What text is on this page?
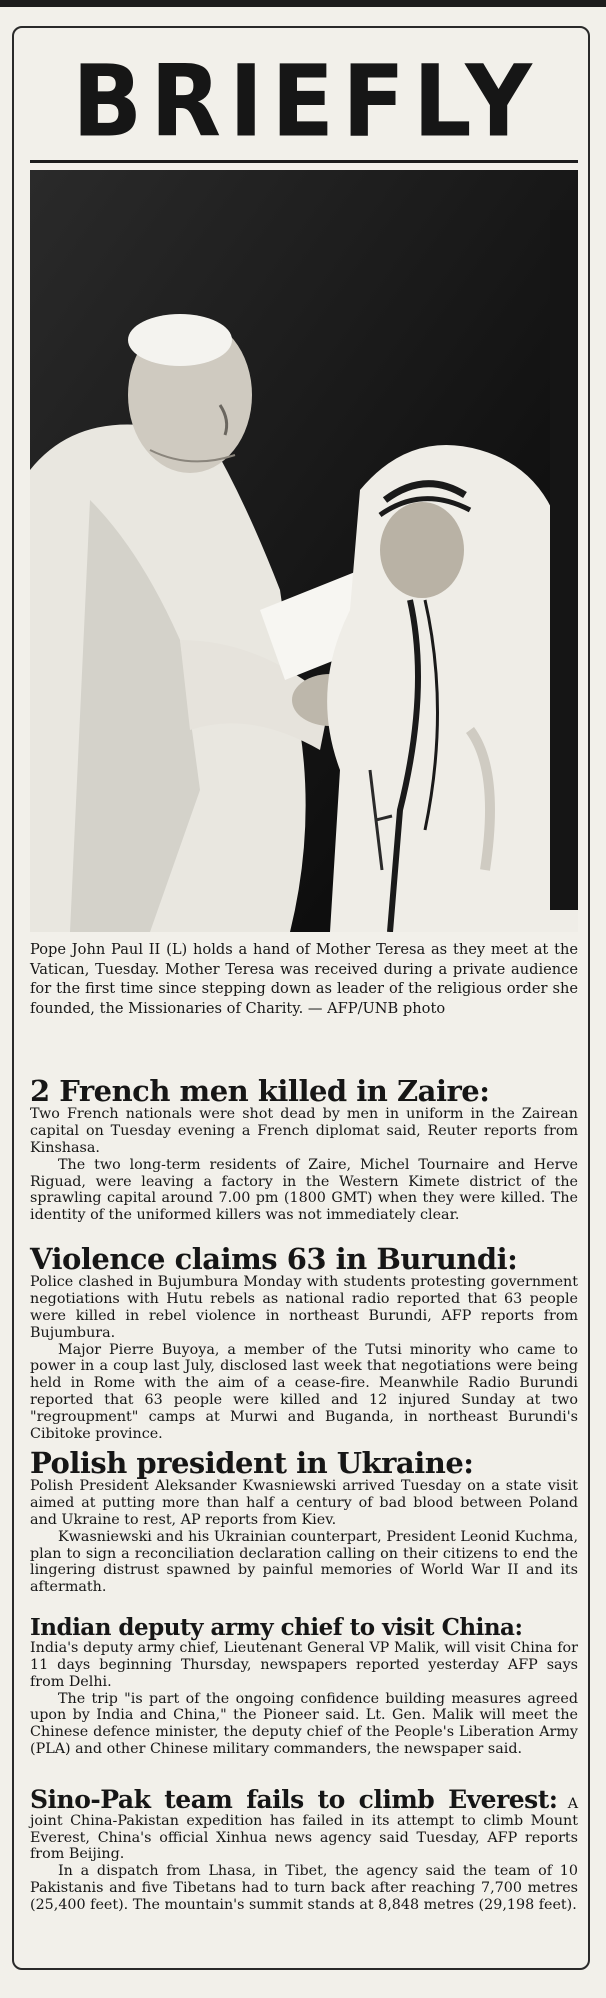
BRIEFLY

Pope John Paul II (L) holds a hand of Mother Teresa as they meet at the Vatican, Tuesday. Mother Teresa was received during a private audience for the first time since stepping down as leader of the religious order she founded, the Missionaries of Charity. — AFP/UNB photo

2 French men killed in Zaire:

Two French nationals were shot dead by men in uniform in the Zairean capital on Tuesday evening a French diplomat said, Reuter reports from Kinshasa.

The two long-term residents of Zaire, Michel Tournaire and Herve Riguad, were leaving a factory in the Western Kimete district of the sprawling capital around 7.00 pm (1800 GMT) when they were killed. The identity of the uniformed killers was not immediately clear.

Violence claims 63 in Burundi:

Police clashed in Bujumbura Monday with students protesting government negotiations with Hutu rebels as national radio reported that 63 people were killed in rebel violence in northeast Burundi, AFP reports from Bujumbura.

Major Pierre Buyoya, a member of the Tutsi minority who came to power in a coup last July, disclosed last week that negotiations were being held in Rome with the aim of a cease-fire. Meanwhile Radio Burundi reported that 63 people were killed and 12 injured Sunday at two "regroupment" camps at Murwi and Buganda, in northeast Burundi's Cibitoke province.

Polish president in Ukraine:

Polish President Aleksander Kwasniewski arrived Tuesday on a state visit aimed at putting more than half a century of bad blood between Poland and Ukraine to rest, AP reports from Kiev.

Kwasniewski and his Ukrainian counterpart, President Leonid Kuchma, plan to sign a reconciliation declaration calling on their citizens to end the lingering distrust spawned by painful memories of World War II and its aftermath.

Indian deputy army chief to visit China:

India's deputy army chief, Lieutenant General VP Malik, will visit China for 11 days beginning Thursday, newspapers reported yesterday AFP says from Delhi.

The trip "is part of the ongoing confidence building measures agreed upon by India and China," the Pioneer said. Lt. Gen. Malik will meet the Chinese defence minister, the deputy chief of the People's Liberation Army (PLA) and other Chinese military commanders, the newspaper said.

Sino-Pak team fails to climb Everest: A joint China-Pakistan expedition has failed in its attempt to climb Mount Everest, China's official Xinhua news agency said Tuesday, AFP reports from Beijing.

In a dispatch from Lhasa, in Tibet, the agency said the team of 10 Pakistanis and five Tibetans had to turn back after reaching 7,700 metres (25,400 feet). The mountain's summit stands at 8,848 metres (29,198 feet).
